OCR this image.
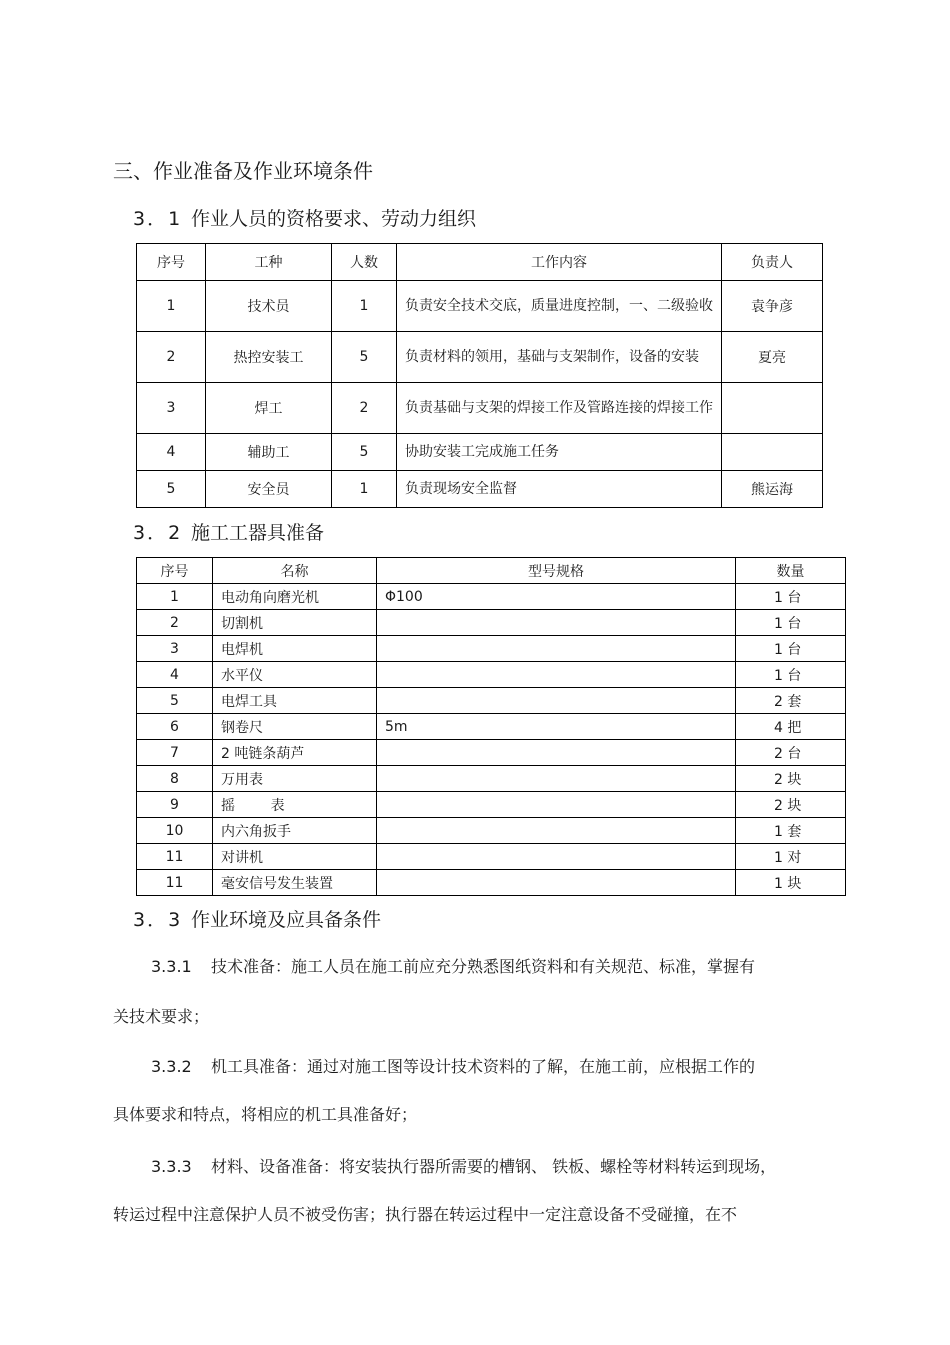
三、作业准备及作业环境条件
3．1 作业人员的资格要求、劳动力组织
序号	工种	人数	工作内容	负责人
1	技术员	1	负责安全技术交底，质量进度控制，一、二级验收	袁争彦
2	热控安装工	5	负责材料的领用，基础与支架制作，设备的安装	夏亮
3	焊工	2	负责基础与支架的焊接工作及管路连接的焊接工作	
4	辅助工	5	协助安装工完成施工任务	
5	安全员	1	负责现场安全监督	熊运海
3．2 施工工器具准备
序号	名称	型号规格	数量
1	电动角向磨光机	Φ100	1 台
2	切割机		1 台
3	电焊机		1 台
4	水平仪		1 台
5	电焊工具		2 套
6	钢卷尺	5m	4 把
7	2 吨链条葫芦		2 台
8	万用表		2 块
9	摇        表		2 块
10	内六角扳手		1 套
11	对讲机		1 对
11	毫安信号发生装置		1 块
3．3 作业环境及应具备条件
3.3.1 技术准备：施工人员在施工前应充分熟悉图纸资料和有关规范、标准，掌握有
关技术要求；
3.3.2 机工具准备：通过对施工图等设计技术资料的了解，在施工前，应根据工作的
具体要求和特点，将相应的机工具准备好；
3.3.3 材料、设备准备：将安装执行器所需要的槽钢、 铁板、螺栓等材料转运到现场，
转运过程中注意保护人员不被受伤害；执行器在转运过程中一定注意设备不受碰撞，在不
